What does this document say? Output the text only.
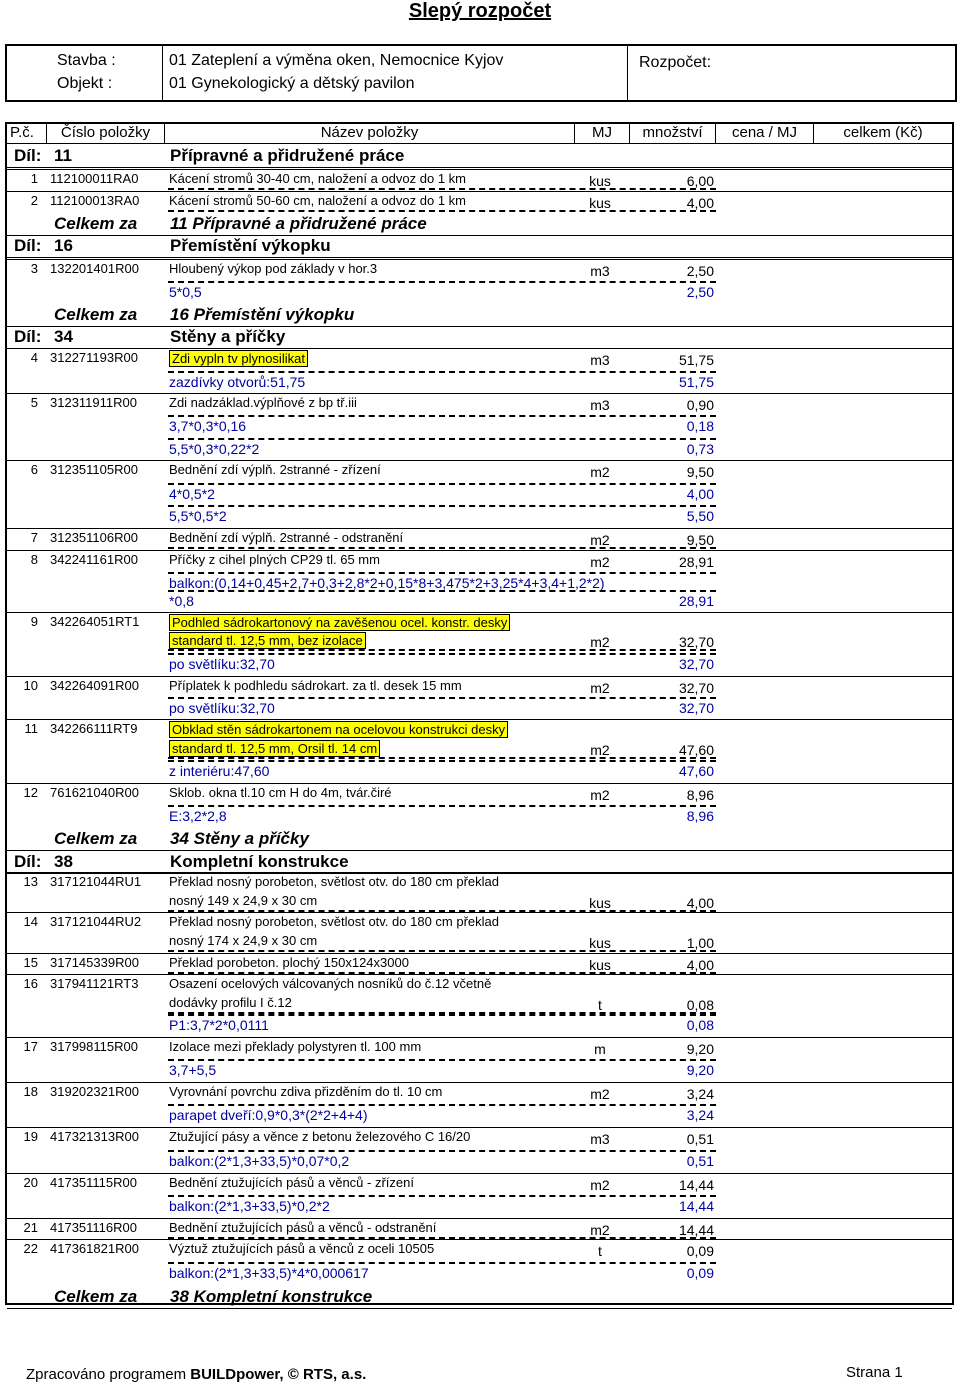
Slepý rozpočet
Stavba :
Objekt :
01 Zateplení a výměna oken, Nemocnice Kyjov
01 Gynekologický a dětský pavilon
Rozpočet:
P.č.	Číslo položky	Název položky	MJ	množství	cena / MJ	celkem (Kč)
Díl: 11	Přípravné a přidružené práce
1 112100011RA0 Kácení stromů 30-40 cm, naložení a odvoz do 1 km	kus	6,00
2 112100013RA0 Kácení stromů 50-60 cm, naložení a odvoz do 1 km	kus	4,00
Celkem za 11 Přípravné a přidružené práce
Díl: 16	Přemístění výkopku
3 132201401R00 Hloubený výkop pod základy v hor.3	m3	2,50
5*0,5	2,50
Celkem za 16 Přemístění výkopku
Díl: 34	Stěny a příčky
4 312271193R00	Zdi vypln tv plynosilikat	m3	51,75
zazdívky otvorů:51,75	51,75
5 312311911R00 Zdi nadzáklad.výplňové z bp tř.iii	m3	0,90
3,7*0,3*0,16	0,18
5,5*0,3*0,22*2	0,73
6 312351105R00 Bednění zdí výplň. 2stranné - zřízení	m2	9,50
4*0,5*2	4,00
5,5*0,5*2	5,50
7 312351106R00 Bednění zdí výplň. 2stranné - odstranění	m2	9,50
8 342241161R00 Příčky z cihel plných CP29 tl. 65 mm	m2	28,91
balkon:(0,14+0,45+2,7+0,3+2,8*2+0,15*8+3,475*2+3,25*4+3,4+1,2*2)
*0,8	28,91
9 342264051RT1	Podhled sádrokartonový na zavěšenou ocel. konstr. desky
standard tl. 12,5 mm, bez izolace	m2	32,70
po světlíku:32,70	32,70
10 342264091R00 Příplatek k podhledu sádrokart. za tl. desek 15 mm	m2	32,70
po světlíku:32,70	32,70
11 342266111RT9	Obklad stěn sádrokartonem na ocelovou konstrukci desky
standard tl. 12,5 mm, Orsil tl. 14 cm	m2	47,60
z interiéru:47,60	47,60
12 761621040R00 Sklob. okna tl.10 cm H do 4m, tvár.čiré	m2	8,96
E:3,2*2,8	8,96
Celkem za 34 Stěny a příčky
Díl: 38	Kompletní konstrukce
13 317121044RU1 Překlad nosný porobeton, světlost otv. do 180 cm překlad
nosný 149 x 24,9 x 30 cm	kus	4,00
14 317121044RU2 Překlad nosný porobeton, světlost otv. do 180 cm překlad
nosný 174 x 24,9 x 30 cm	kus	1,00
15 317145339R00 Překlad porobeton. plochý 150x124x3000	kus	4,00
16 317941121RT3 Osazení ocelových válcovaných nosníků do č.12 včetně
dodávky profilu I č.12	t	0,08
P1:3,7*2*0,0111	0,08
17 317998115R00 Izolace mezi překlady polystyren tl. 100 mm	m	9,20
3,7+5,5	9,20
18 319202321R00 Vyrovnání povrchu zdiva přizděním do tl. 10 cm	m2	3,24
parapet dveří:0,9*0,3*(2*2+4+4)	3,24
19 417321313R00 Ztužující pásy a věnce z betonu železového C 16/20	m3	0,51
balkon:(2*1,3+33,5)*0,07*0,2	0,51
20 417351115R00 Bednění ztužujících pásů a věnců - zřízení	m2	14,44
balkon:(2*1,3+33,5)*0,2*2	14,44
21 417351116R00 Bednění ztužujících pásů a věnců - odstranění	m2	14,44
22 417361821R00 Výztuž ztužujících pásů a věnců z oceli 10505	t	0,09
balkon:(2*1,3+33,5)*4*0,000617	0,09
Celkem za 38 Kompletní konstrukce
Zpracováno programem BUILDpower, © RTS, a.s.	Strana 1
